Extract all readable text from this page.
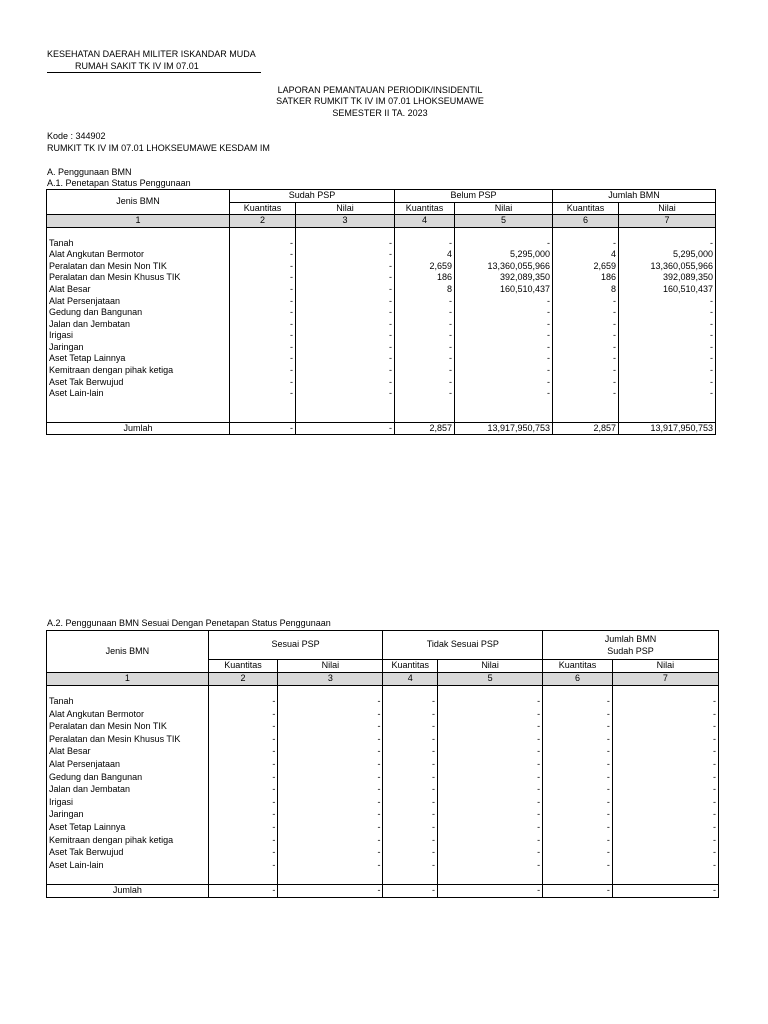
KESEHATAN DAERAH MILITER ISKANDAR MUDA
RUMAH SAKIT TK IV IM 07.01
LAPORAN PEMANTAUAN PERIODIK/INSIDENTIL
SATKER RUMKIT TK IV IM 07.01 LHOKSEUMAWE
SEMESTER II TA. 2023
Kode : 344902
RUMKIT TK IV IM 07.01 LHOKSEUMAWE KESDAM IM
A. Penggunaan BMN
A.1. Penetapan Status Penggunaan
Jenis BMN	Sudah PSP		Belum PSP		Jumlah BMN	
	Kuantitas	Nilai	Kuantitas	Nilai	Kuantitas	Nilai
1	2	3	4	5	6	7

Tanah	-	-	-	-	-	-
Alat Angkutan Bermotor	-	-	4	5,295,000	4	5,295,000
Peralatan dan Mesin Non TIK	-	-	2,659	13,360,055,966	2,659	13,360,055,966
Peralatan dan Mesin Khusus TIK	-	-	186	392,089,350	186	392,089,350
Alat Besar	-	-	8	160,510,437	8	160,510,437
Alat Persenjataan	-	-	-	-	-	-
Gedung dan Bangunan	-	-	-	-	-	-
Jalan dan Jembatan	-	-	-	-	-	-
Irigasi	-	-	-	-	-	-
Jaringan	-	-	-	-	-	-
Aset Tetap Lainnya	-	-	-	-	-	-
Kemitraan dengan pihak ketiga	-	-	-	-	-	-
Aset Tak Berwujud	-	-	-	-	-	-
Aset Lain-lain	-	-	-	-	-	-

Jumlah	-	-	2,857	13,917,950,753	2,857	13,917,950,753
A.2. Penggunaan BMN Sesuai Dengan Penetapan Status Penggunaan
Jenis BMN	Sesuai PSP		Tidak Sesuai PSP		Jumlah BMN
Sudah PSP	

	Kuantitas	Nilai	Kuantitas	Nilai	Kuantitas	Nilai
1	2	3	4	5	6	7

Tanah	-	-	-	-	-	-
Alat Angkutan Bermotor	-	-	-	-	-	-
Peralatan dan Mesin Non TIK	-	-	-	-	-	-
Peralatan dan Mesin Khusus TIK	-	-	-	-	-	-
Alat Besar	-	-	-	-	-	-
Alat Persenjataan	-	-	-	-	-	-
Gedung dan Bangunan	-	-	-	-	-	-
Jalan dan Jembatan	-	-	-	-	-	-
Irigasi	-	-	-	-	-	-
Jaringan	-	-	-	-	-	-
Aset Tetap Lainnya	-	-	-	-	-	-
Kemitraan dengan pihak ketiga	-	-	-	-	-	-
Aset Tak Berwujud	-	-	-	-	-	-
Aset Lain-lain	-	-	-	-	-	-

Jumlah	-	-	-	-	-	-
